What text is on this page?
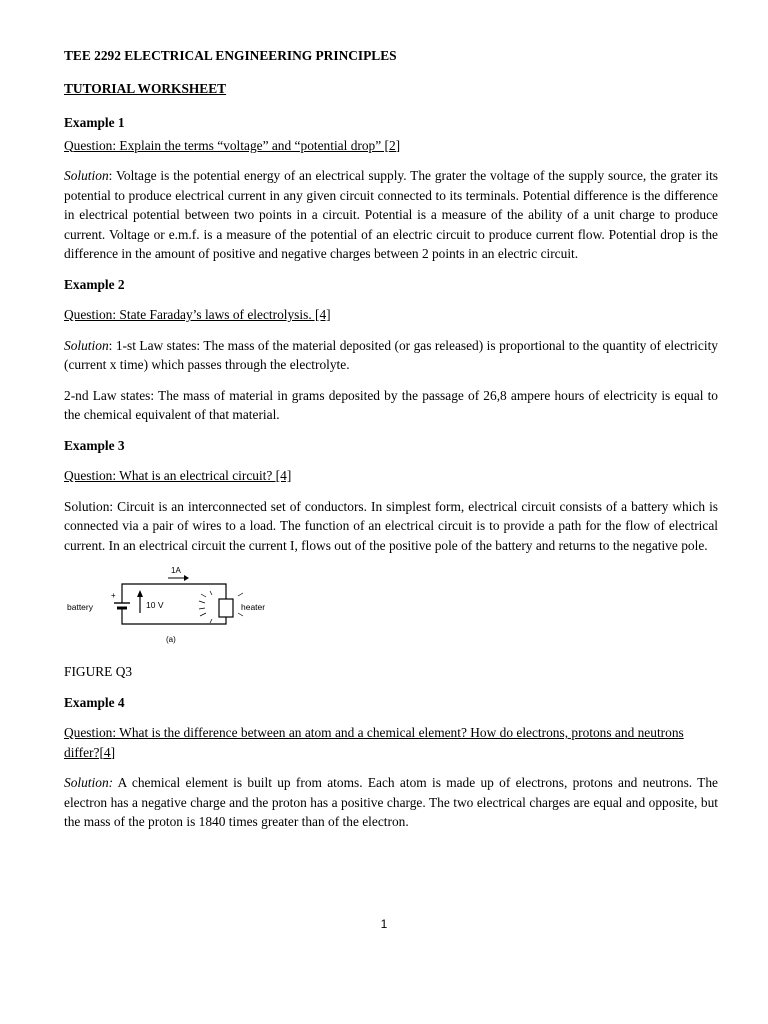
TEE 2292 ELECTRICAL ENGINEERING PRINCIPLES

TUTORIAL WORKSHEET

Example 1

Question: Explain the terms “voltage” and “potential drop” [2]

Solution: Voltage is the potential energy of an electrical supply. The grater the voltage of the supply source, the grater its potential to produce electrical current in any given circuit connected to its terminals. Potential difference is the difference in electrical potential between two points in a circuit. Potential is a measure of the ability of a unit charge to produce current. Voltage or e.m.f. is a measure of the potential of an electric circuit to produce current flow. Potential drop is the difference in the amount of positive and negative charges between 2 points in an electric circuit.

Example 2

Question: State Faraday’s laws of electrolysis. [4]

Solution: 1-st Law states: The mass of the material deposited (or gas released) is proportional to the quantity of electricity (current x time) which passes through the electrolyte.

2-nd Law states: The mass of material in grams deposited by the passage of 26,8 ampere hours of electricity is equal to the chemical equivalent of that material.

Example 3

Question: What is an electrical circuit? [4]

Solution: Circuit is an interconnected set of conductors. In simplest form, electrical circuit consists of a battery which is connected via a pair of wires to a load. The function of an electrical circuit is to provide a path for the flow of electrical current. In an electrical circuit the current I, flows out of the positive pole of the battery and returns to the negative pole.

1A
+
battery	10 V	heater
(a)

FIGURE Q3

Example 4

Question: What is the difference between an atom and a chemical element? How do electrons, protons and neutrons differ?[4]

Solution: A chemical element is built up from atoms. Each atom is made up of electrons, protons and neutrons. The electron has a negative charge and the proton has a positive charge. The two electrical charges are equal and opposite, but the mass of the proton is 1840 times greater than of the electron.

1
